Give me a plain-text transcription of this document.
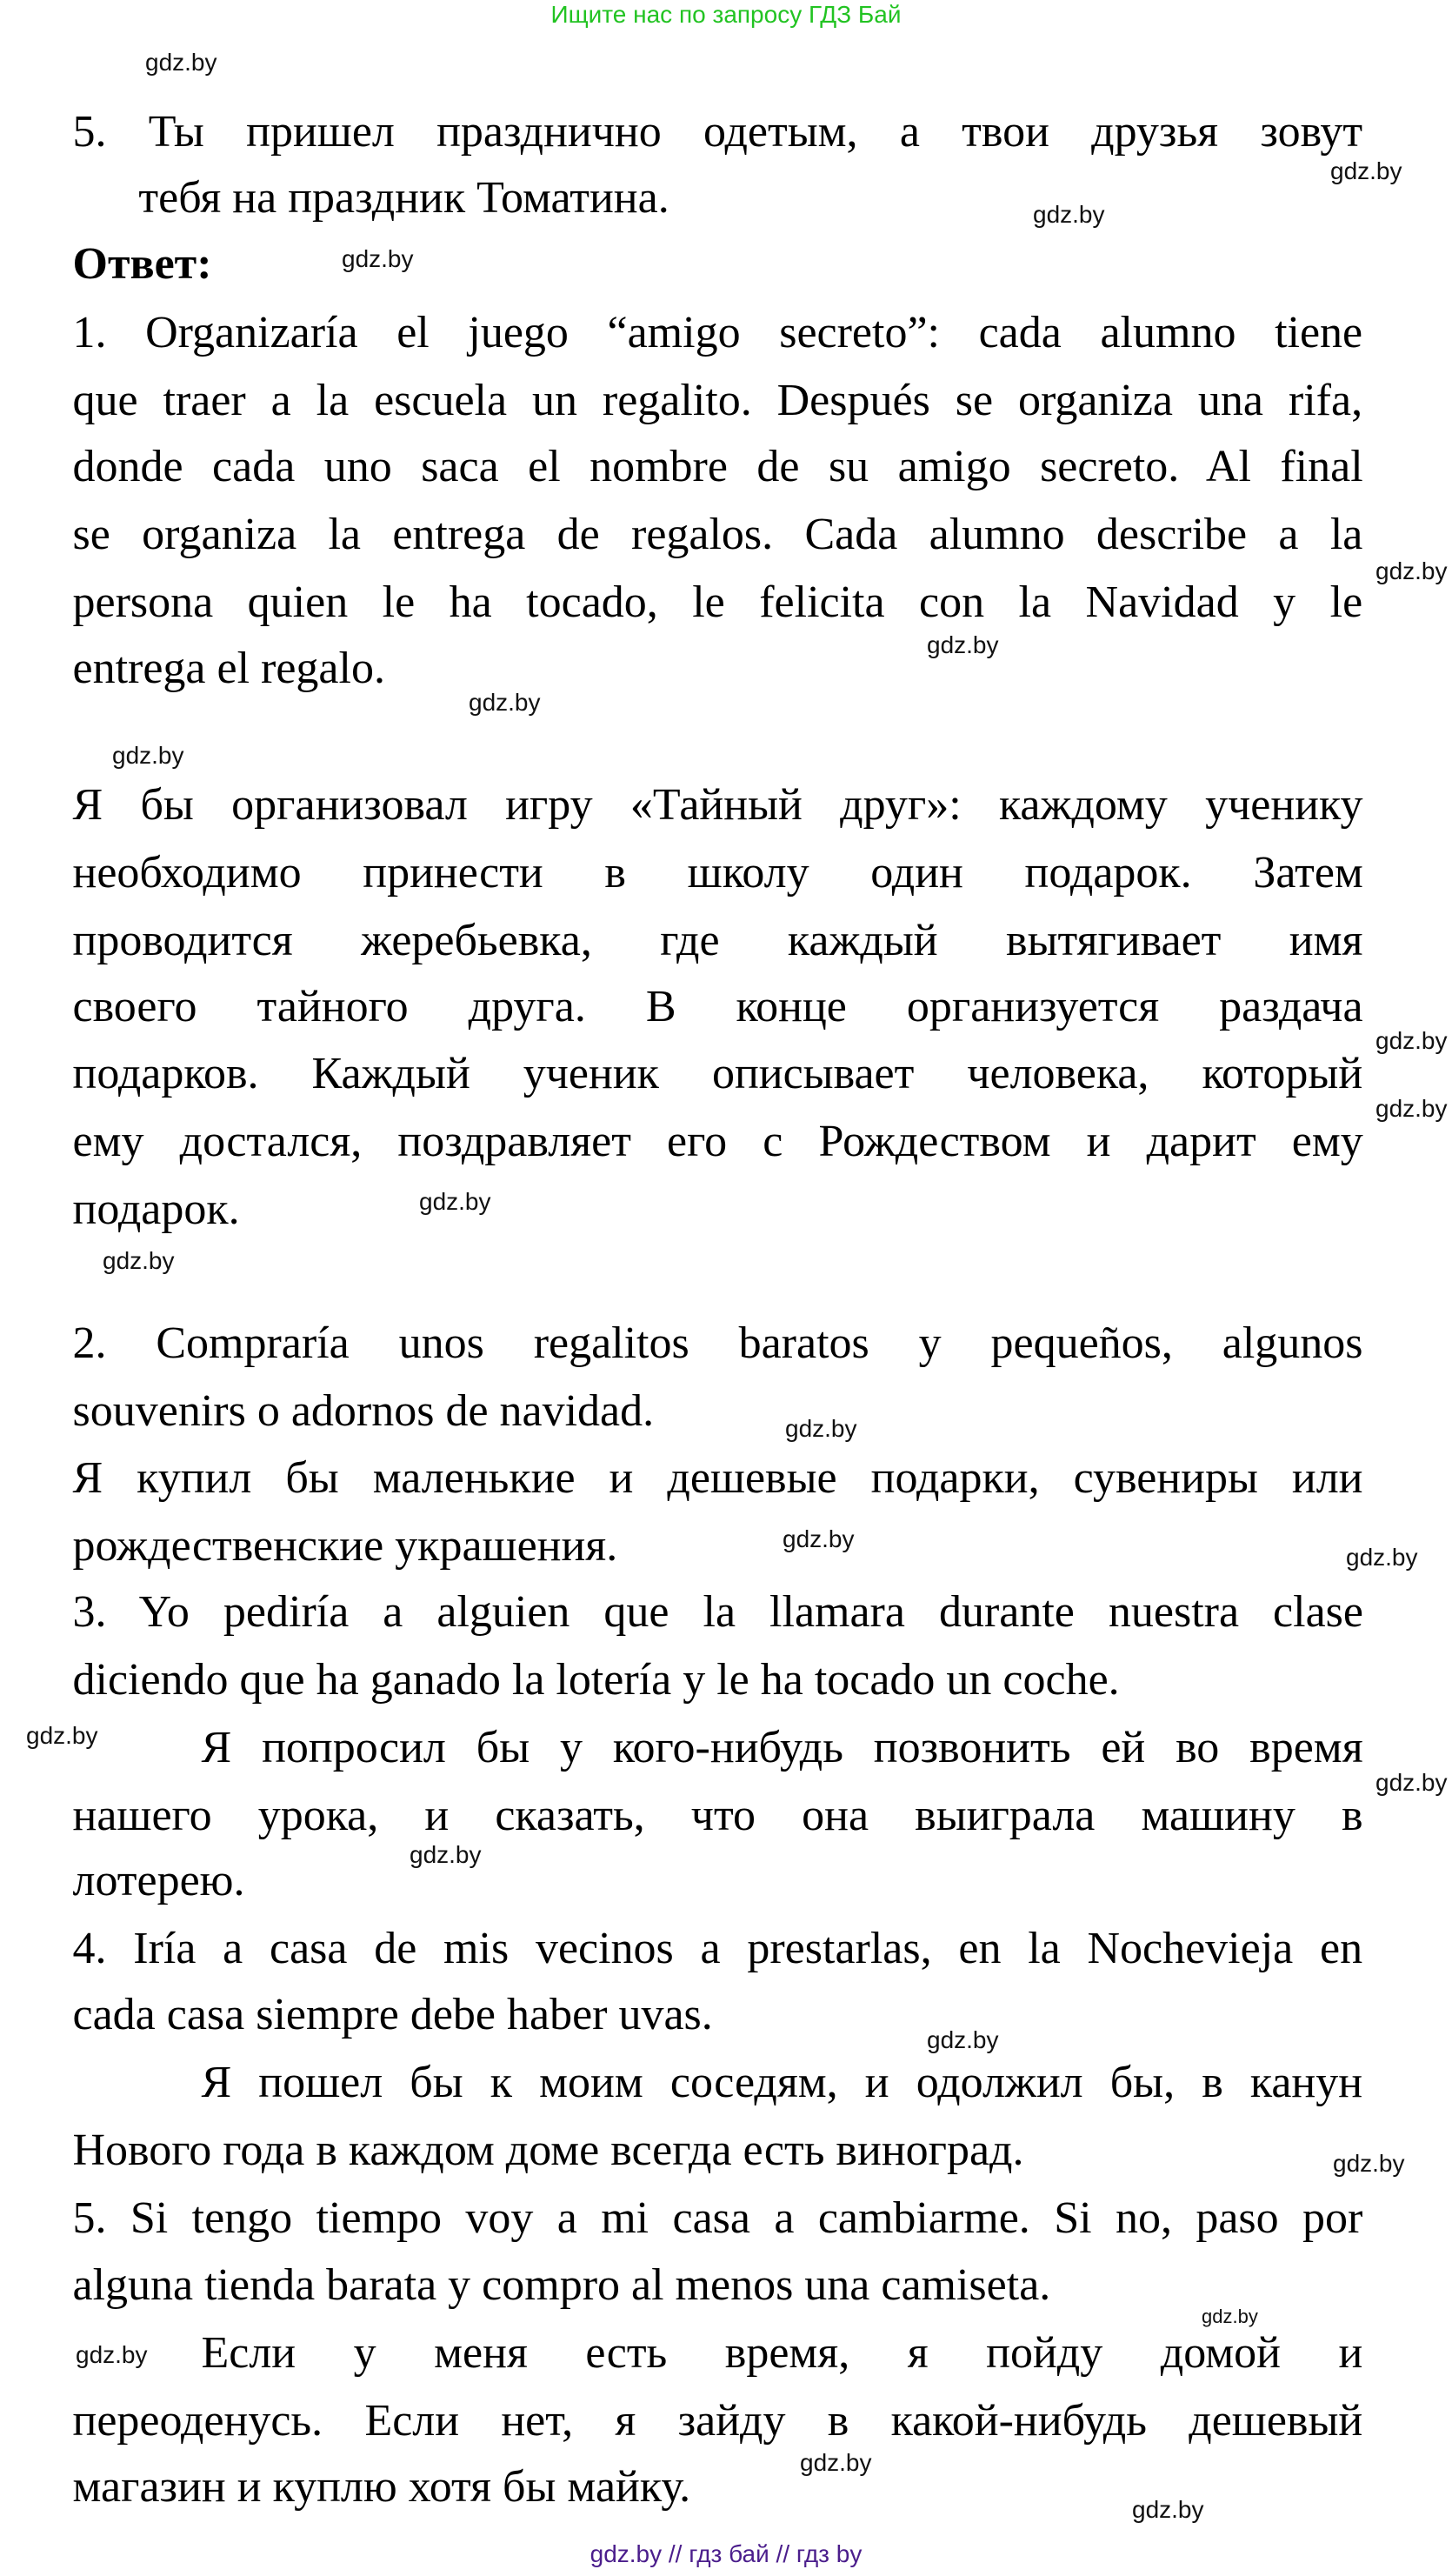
Ищите нас по запросу ГДЗ Бай
5. Ты пришел празднично одетым, а твои друзья зовут
тебя на праздник Томатина.
Ответ:
1. Organizaría el juego “amigo secreto”: cada alumno tiene
que traer a la escuela un regalito. Después se organiza una rifa,
donde cada uno saca el nombre de su amigo secreto. Al final
se organiza la entrega de regalos. Cada alumno describe a la
persona quien le ha tocado, le felicita con la Navidad y le
entrega el regalo.
Я бы организовал игру «Тайный друг»: каждому ученику
необходимо принести в школу один подарок. Затем
проводится жеребьевка, где каждый вытягивает имя
своего тайного друга. В конце организуется раздача
подарков. Каждый ученик описывает человека, который
ему достался, поздравляет его с Рождеством и дарит ему
подарок.
2. Compraría unos regalitos baratos y pequeños, algunos
souvenirs o adornos de navidad.
Я купил бы маленькие и дешевые подарки, сувениры или
рождественские украшения.
3. Yo pediría a alguien que la llamara durante nuestra clase
diciendo que ha ganado la lotería y le ha tocado un coche.
Я попросил бы у кого-нибудь позвонить ей во время
нашего урока, и сказать, что она выиграла машину в
лотерею.
4. Iría a casa de mis vecinos a prestarlas, en la Nochevieja en
cada casa siempre debe haber uvas.
Я пошел бы к моим соседям, и одолжил бы, в канун
Нового года в каждом доме всегда есть виноград.
5. Si tengo tiempo voy a mi casa a cambiarme. Si no, paso por
alguna tienda barata y compro al menos una camiseta.
Если у меня есть время, я пойду домой и
переоденусь. Если нет, я зайду в какой-нибудь дешевый
магазин и куплю хотя бы майку.
gdz.by
gdz.by
gdz.by
gdz.by
gdz.by
gdz.by
gdz.by
gdz.by
gdz.by
gdz.by
gdz.by
gdz.by
gdz.by
gdz.by
gdz.by
gdz.by
gdz.by
gdz.by
gdz.by
gdz.by
gdz.by
gdz.by
gdz.by
gdz.by
gdz.by // гдз бай // гдз by
